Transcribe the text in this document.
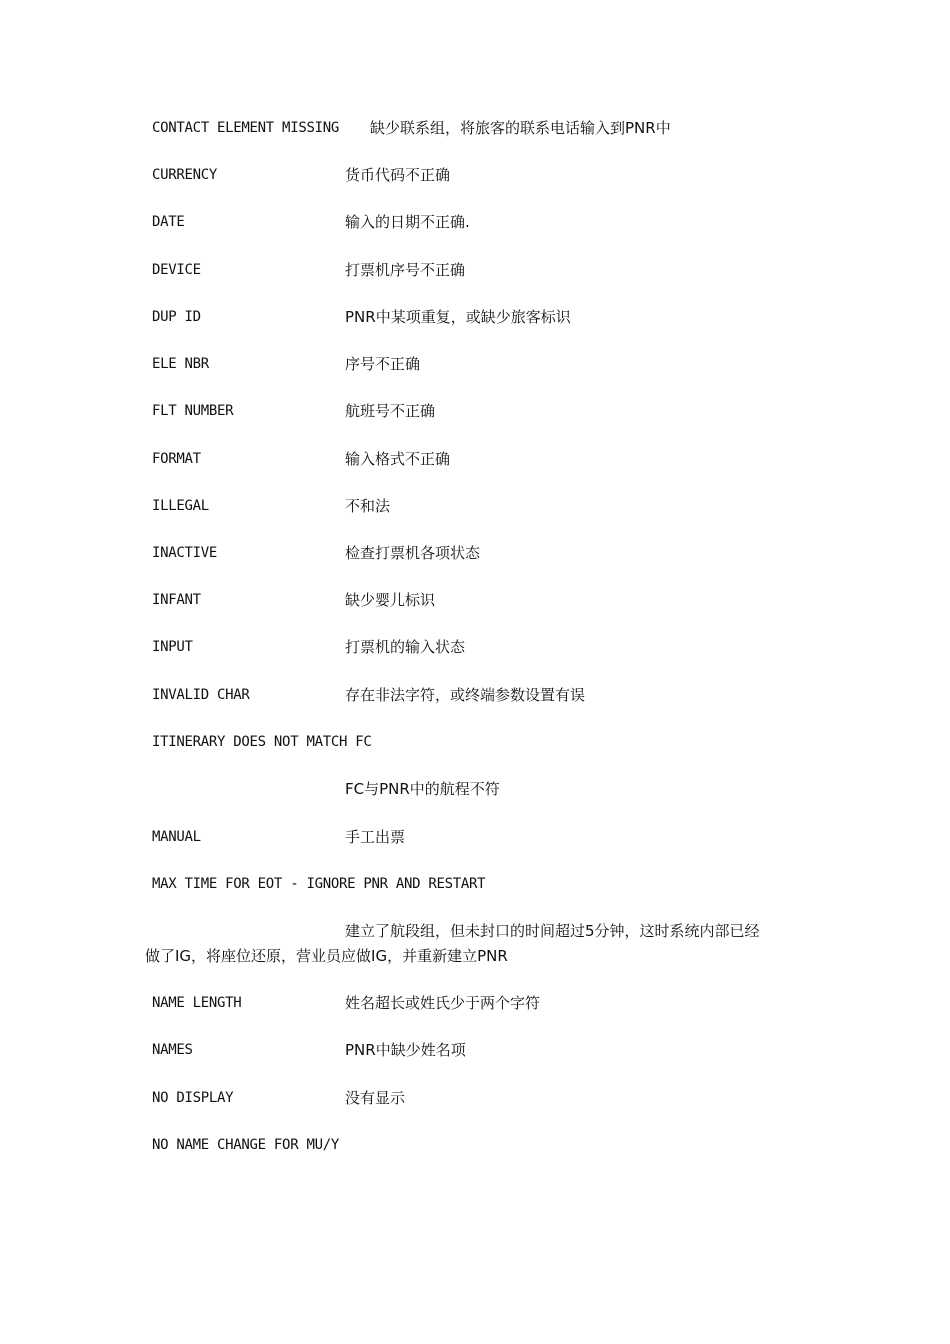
CONTACT ELEMENT MISSING 缺少联系组，将旅客的联系电话输入到PNR中
CURRENCY	货币代码不正确
DATE	输入的日期不正确.
DEVICE	打票机序号不正确
DUP ID	PNR中某项重复，或缺少旅客标识
ELE NBR	序号不正确
FLT NUMBER	航班号不正确
FORMAT	输入格式不正确
ILLEGAL	不和法
INACTIVE	检查打票机各项状态
INFANT	缺少婴儿标识
INPUT	打票机的输入状态
INVALID CHAR	存在非法字符，或终端参数设置有误
ITINERARY DOES NOT MATCH FC
FC与PNR中的航程不符
MANUAL	手工出票
MAX TIME FOR EOT - IGNORE PNR AND RESTART
建立了航段组，但未封口的时间超过5分钟，这时系统内部已经
做了IG，将座位还原，营业员应做IG，并重新建立PNR
NAME LENGTH	姓名超长或姓氏少于两个字符
NAMES	PNR中缺少姓名项
NO DISPLAY	没有显示
NO NAME CHANGE FOR MU/Y
